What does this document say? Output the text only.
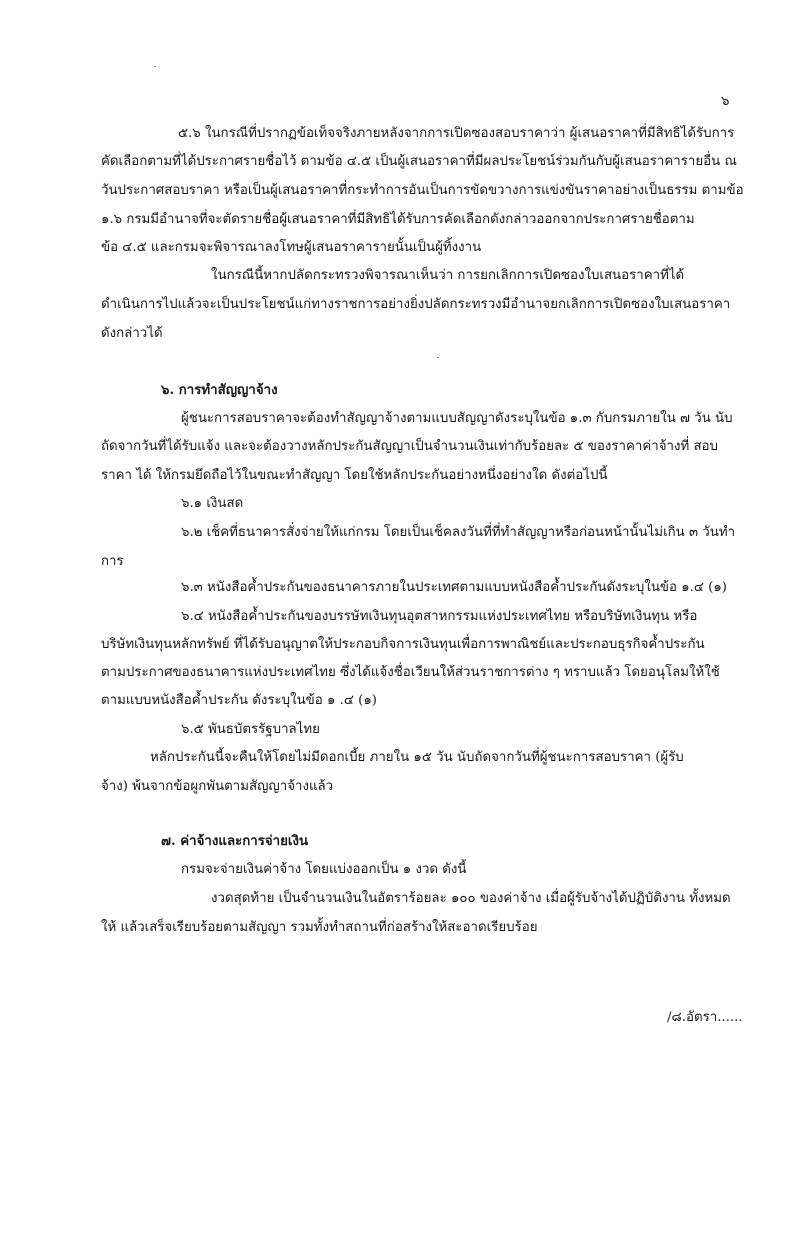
๖
๕.๖ ในกรณีที่ปรากฏข้อเท็จจริงภายหลังจากการเปิดซองสอบราคาว่า ผู้เสนอราคาที่มีสิทธิได้รับการ
คัดเลือกตามที่ได้ประกาศรายชื่อไว้ ตามข้อ ๔.๕ เป็นผู้เสนอราคาที่มีผลประโยชน์ร่วมกันกับผู้เสนอราคารายอื่น ณ
วันประกาศสอบราคา หรือเป็นผู้เสนอราคาที่กระทำการอันเป็นการขัดขวางการแข่งขันราคาอย่างเป็นธรรม ตามข้อ
๑.๖ กรมมีอำนาจที่จะตัดรายชื่อผู้เสนอราคาที่มีสิทธิได้รับการคัดเลือกดังกล่าวออกจากประกาศรายชื่อตาม
ข้อ ๔.๕ และกรมจะพิจารณาลงโทษผู้เสนอราคารายนั้นเป็นผู้ทิ้งงาน
ในกรณีนี้หากปลัดกระทรวงพิจารณาเห็นว่า การยกเลิกการเปิดซองใบเสนอราคาที่ได้
ดำเนินการไปแล้วจะเป็นประโยชน์แก่ทางราชการอย่างยิ่งปลัดกระทรวงมีอำนาจยกเลิกการเปิดซองใบเสนอราคา
ดังกล่าวได้
๖. การทำสัญญาจ้าง
ผู้ชนะการสอบราคาจะต้องทำสัญญาจ้างตามแบบสัญญาดังระบุในข้อ ๑.๓ กับกรมภายใน ๗ วัน นับ
ถัดจากวันที่ได้รับแจ้ง และจะต้องวางหลักประกันสัญญาเป็นจำนวนเงินเท่ากับร้อยละ ๕ ของราคาค่าจ้างที่ สอบ
ราคา ได้ ให้กรมยึดถือไว้ในขณะทำสัญญา โดยใช้หลักประกันอย่างหนึ่งอย่างใด ดังต่อไปนี้
๖.๑ เงินสด
๖.๒ เช็คที่ธนาคารสั่งจ่ายให้แก่กรม โดยเป็นเช็คลงวันที่ที่ทำสัญญาหรือก่อนหน้านั้นไม่เกิน ๓ วันทำ
การ
๖.๓ หนังสือค้ำประกันของธนาคารภายในประเทศตามแบบหนังสือค้ำประกันดังระบุในข้อ ๑.๔ (๑)
๖.๔ หนังสือค้ำประกันของบรรษัทเงินทุนอุตสาหกรรมแห่งประเทศไทย หรือบริษัทเงินทุน หรือ
บริษัทเงินทุนหลักทรัพย์ ที่ได้รับอนุญาตให้ประกอบกิจการเงินทุนเพื่อการพาณิชย์และประกอบธุรกิจค้ำประกัน
ตามประกาศของธนาคารแห่งประเทศไทย ซึ่งได้แจ้งชื่อเวียนให้ส่วนราชการต่าง ๆ ทราบแล้ว โดยอนุโลมให้ใช้
ตามแบบหนังสือค้ำประกัน ดังระบุในข้อ ๑ .๔ (๑)
๖.๕ พันธบัตรรัฐบาลไทย
หลักประกันนี้จะคืนให้โดยไม่มีดอกเบี้ย ภายใน ๑๕ วัน นับถัดจากวันที่ผู้ชนะการสอบราคา (ผู้รับ
จ้าง) พ้นจากข้อผูกพันตามสัญญาจ้างแล้ว
๗. ค่าจ้างและการจ่ายเงิน
กรมจะจ่ายเงินค่าจ้าง โดยแบ่งออกเป็น ๑ งวด ดังนี้
งวดสุดท้าย เป็นจำนวนเงินในอัตราร้อยละ ๑๐๐ ของค่าจ้าง เมื่อผู้รับจ้างได้ปฏิบัติงาน ทั้งหมด
ให้ แล้วเสร็จเรียบร้อยตามสัญญา รวมทั้งทำสถานที่ก่อสร้างให้สะอาดเรียบร้อย
/๘.อัตรา......
